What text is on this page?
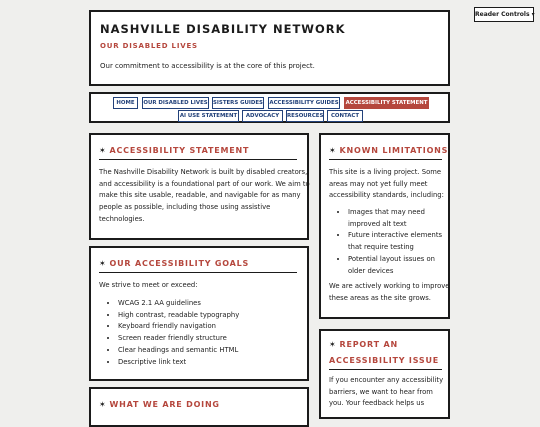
Reader Controls ▾
NASHVILLE DISABILITY NETWORK
OUR DISABLED LIVES
Our commitment to accessibility is at the core of this project.
HOME	OUR DISABLED LIVES SISTERS GUIDES ACCESSIBILITY GUIDES ACCESSIBILITY STATEMENT
AI USE STATEMENT	ADVOCACY	RESOURCES	CONTACT
✶ ACCESSIBILITY STATEMENT
The Nashville Disability Network is built by disabled creators,
and accessibility is a foundational part of our work. We aim to
make this site usable, readable, and navigable for as many
people as possible, including those using assistive
technologies.
✶ OUR ACCESSIBILITY GOALS
We strive to meet or exceed:
• WCAG 2.1 AA guidelines
• High contrast, readable typography
• Keyboard friendly navigation
• Screen reader friendly structure
• Clear headings and semantic HTML
• Descriptive link text
✶ WHAT WE ARE DOING
✶ KNOWN LIMITATIONS
This site is a living project. Some
areas may not yet fully meet
accessibility standards, including:
• Images that may need
improved alt text
• Future interactive elements
that require testing
• Potential layout issues on
older devices
We are actively working to improve
these areas as the site grows.
✶ REPORT AN
ACCESSIBILITY ISSUE
If you encounter any accessibility
barriers, we want to hear from
you. Your feedback helps us
